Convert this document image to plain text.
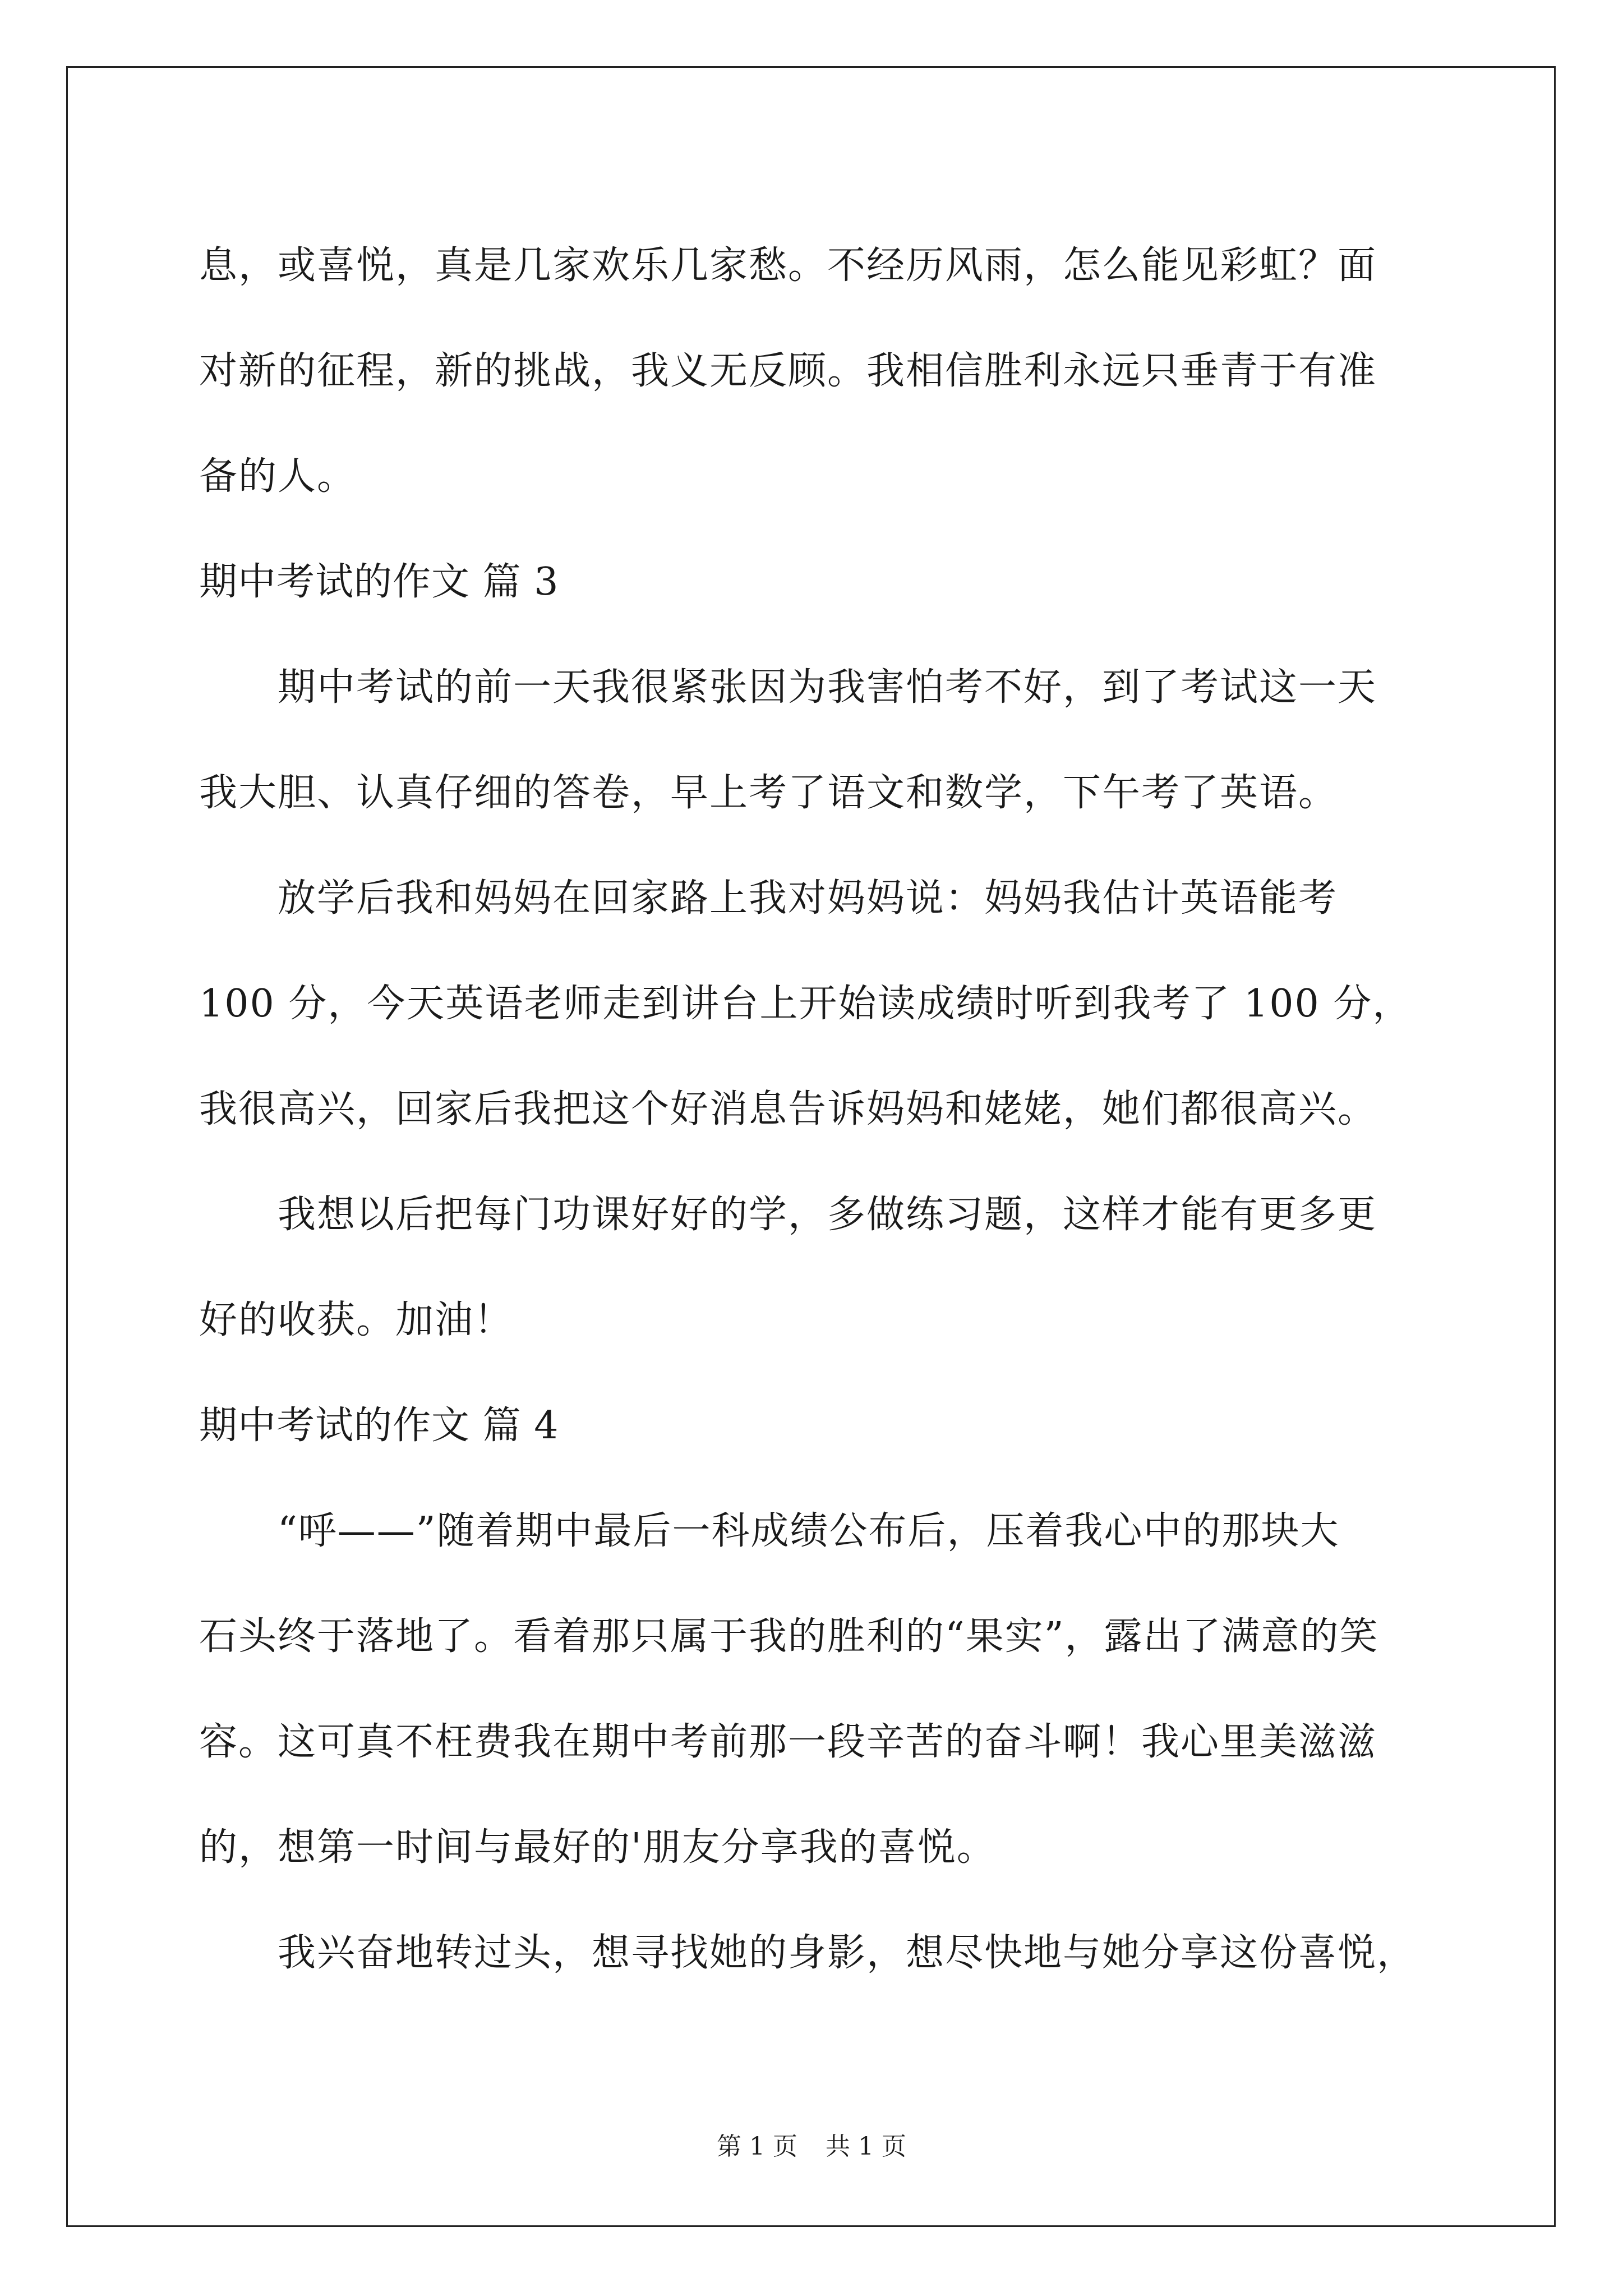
息，或喜悦，真是几家欢乐几家愁。不经历风雨，怎么能见彩虹？面
对新的征程，新的挑战，我义无反顾。我相信胜利永远只垂青于有准
备的人。
期中考试的作文 篇 3
期中考试的前一天我很紧张因为我害怕考不好，到了考试这一天
我大胆、认真仔细的答卷，早上考了语文和数学，下午考了英语。
放学后我和妈妈在回家路上我对妈妈说：妈妈我估计英语能考
100 分，今天英语老师走到讲台上开始读成绩时听到我考了 100 分，
我很高兴，回家后我把这个好消息告诉妈妈和姥姥，她们都很高兴。
我想以后把每门功课好好的学，多做练习题，这样才能有更多更
好的收获。加油！
期中考试的作文 篇 4
“呼——”随着期中最后一科成绩公布后，压着我心中的那块大
石头终于落地了。看着那只属于我的胜利的“果实”，露出了满意的笑
容。这可真不枉费我在期中考前那一段辛苦的奋斗啊！我心里美滋滋
的，想第一时间与最好的'朋友分享我的喜悦。
我兴奋地转过头，想寻找她的身影，想尽快地与她分享这份喜悦，
第 1 页 共 1 页
